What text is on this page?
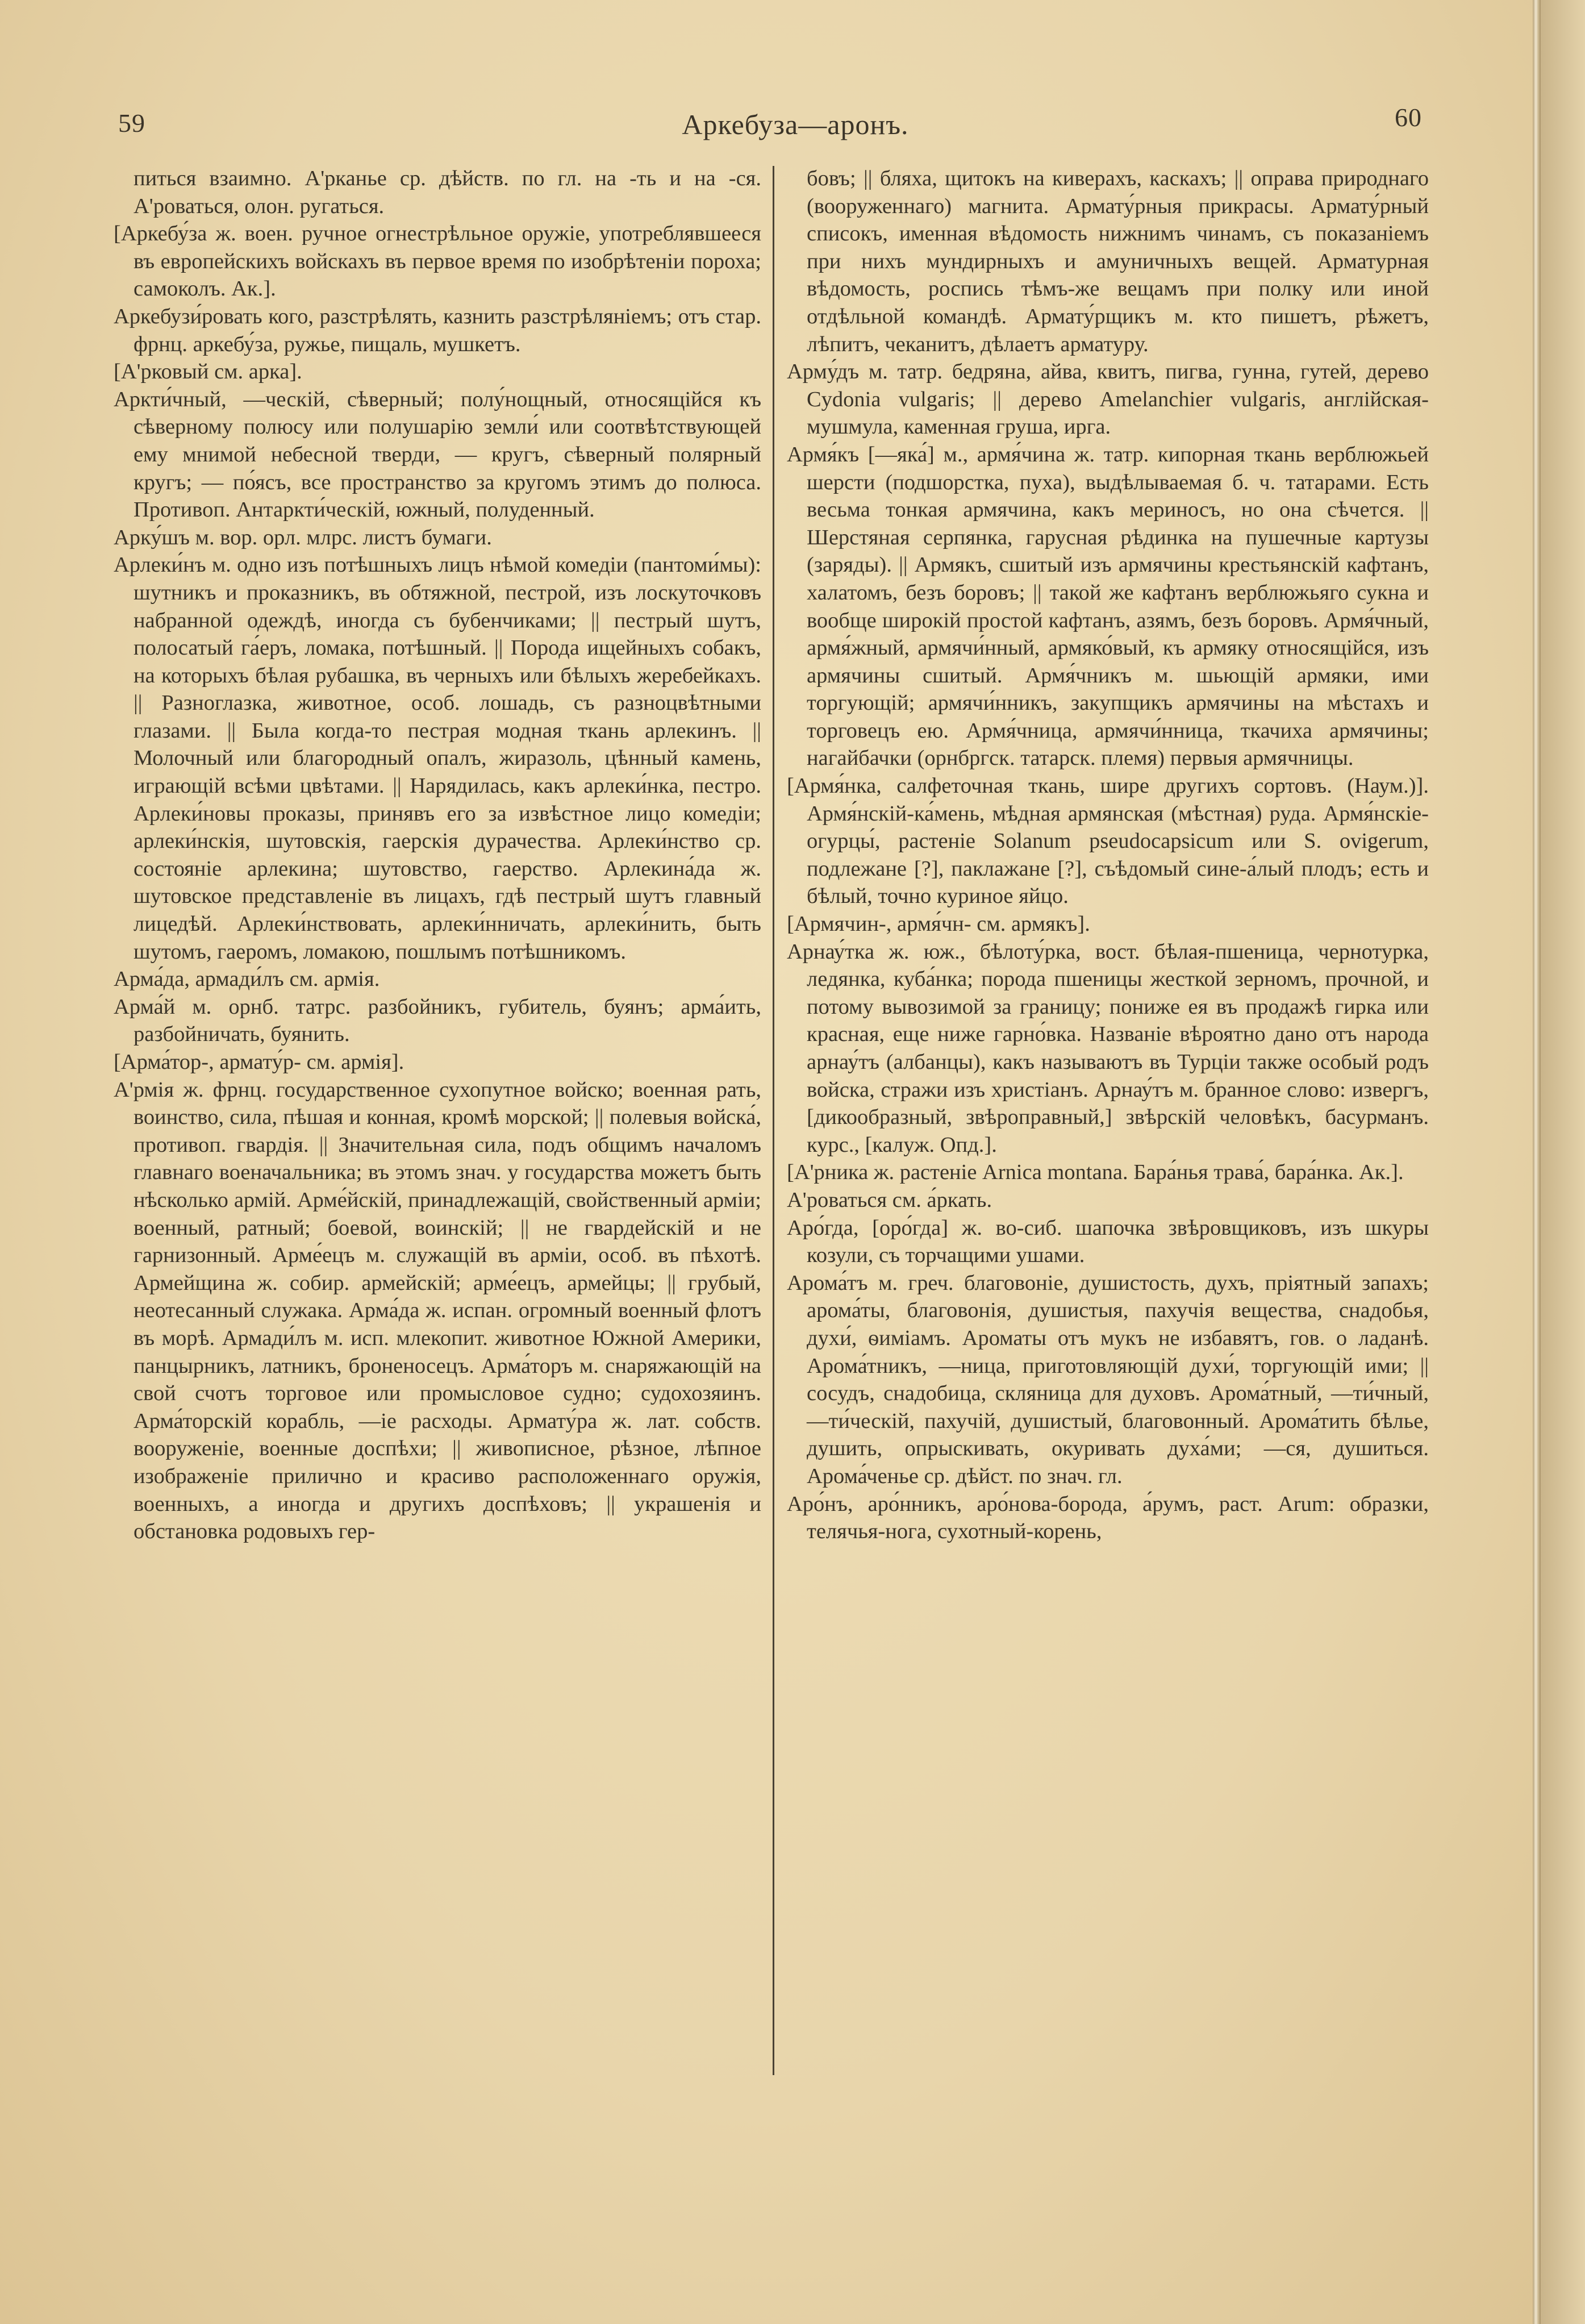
59	Аркебуза—аронъ.	60

питься взаимно. А'рканье ср. дѣйств. по гл. на -ть и на -ся. А'роваться, олон. ругаться.

[Аркебу́за ж. воен. ручное огнестрѣльное оружіе, употреблявшееся въ европейскихъ войскахъ въ первое время по изобрѣтеніи пороха; самоколъ. Ак.].

Аркебузи́ровать кого, разстрѣлять, казнить разстрѣляніемъ; отъ стар. фрнц. аркебу́за, ружье, пищаль, мушкетъ.

[А'рковый см. арка].

Аркти́чный, —ческій, сѣверный; полу́нощный, относящійся къ сѣверному полюсу или полушарію земли́ или соотвѣтствующей ему мнимой небесной тверди, — кругъ, сѣверный полярный кругъ; — по́ясъ, все пространство за кругомъ этимъ до полюса. Противоп. Антаркти́ческій, южный, полуденный.

Арку́шъ м. вор. орл. млрс. листъ бумаги.

Арлеки́нъ м. одно изъ потѣшныхъ лицъ нѣмой комедіи (пантоми́мы): шутникъ и проказникъ, въ обтяжной, пестрой, изъ лоскуточковъ набранной одеждѣ, иногда съ бубенчиками; || пестрый шутъ, полосатый га́еръ, ломака, потѣшный. || Порода ищейныхъ собакъ, на которыхъ бѣлая рубашка, въ черныхъ или бѣлыхъ жеребейкахъ. || Разноглазка, животное, особ. лошадь, съ разноцвѣтными глазами. || Была когда-то пестрая модная ткань арлекинъ. || Молочный или благородный опалъ, жиразоль, цѣнный камень, играющій всѣми цвѣтами. || Нарядилась, какъ арлеки́нка, пестро. Арлеки́новы проказы, принявъ его за извѣстное лицо комедіи; арлеки́нскія, шутовскія, гаерскія дурачества. Арлеки́нство ср. состояніе арлекина; шутовство, гаерство. Арлекина́да ж. шутовское представленіе въ лицахъ, гдѣ пестрый шутъ главный лицедѣй. Арлеки́нствовать, арлеки́нничать, арлеки́нить, быть шутомъ, гаеромъ, ломакою, пошлымъ потѣшникомъ.

Арма́да, армади́лъ см. армія.

Арма́й м. орнб. татрс. разбойникъ, губитель, буянъ; арма́ить, разбойничать, буянить.

[Арма́тор-, армату́р- см. армія].

А'рмія ж. фрнц. государственное сухопутное войско; военная рать, воинство, сила, пѣшая и конная, кромѣ морской; || полевыя войска́, противоп. гвардія. || Значительная сила, подъ общимъ началомъ главнаго военачальника; въ этомъ знач. у государства можетъ быть нѣсколько армій. Арме́йскій, принадлежащій, свойственный арміи; военный, ратный; боевой, воинскій; || не гвардейскій и не гарнизонный. Арме́ецъ м. служащій въ арміи, особ. въ пѣхотѣ. Армейщина ж. собир. армейскій; арме́ецъ, армейцы; || грубый, неотесанный служака. Арма́да ж. испан. огромный военный флотъ въ морѣ. Армади́лъ м. исп. млекопит. животное Южной Америки, панцырникъ, латникъ, броненосецъ. Арма́торъ м. снаряжающій на свой счотъ торговое или промысловое судно; судохозяинъ. Арма́торскій корабль, —іе расходы. Армату́ра ж. лат. собств. вооруженіе, военные доспѣхи; || живописное, рѣзное, лѣпное изображеніе прилично и красиво расположеннаго оружія, военныхъ, а иногда и другихъ доспѣховъ; || украшенія и обстановка родовыхъ гер-

бовъ; || бляха, щитокъ на киверахъ, каскахъ; || оправа природнаго (вооруженнаго) магнита. Армату́рныя прикрасы. Армату́рный списокъ, именная вѣдомость нижнимъ чинамъ, съ показаніемъ при нихъ мундирныхъ и амуничныхъ вещей. Арматурная вѣдомость, роспись тѣмъ-же вещамъ при полку или иной отдѣльной командѣ. Армату́рщикъ м. кто пишетъ, рѣжетъ, лѣпитъ, чеканитъ, дѣлаетъ арматуру.

Арму́дъ м. татр. бедряна, айва, квитъ, пигва, гунна, гутей, дерево Cydonia vulgaris; || дерево Amelanchier vulgaris, англійская-мушмула, каменная груша, ирга.

Армя́къ [—яка́] м., армя́чина ж. татр. кипорная ткань верблюжьей шерсти (подшорстка, пуха), выдѣлываемая б. ч. татарами. Есть весьма тонкая армячина, какъ мериносъ, но она сѣчется. || Шерстяная серпянка, гарусная рѣдинка на пушечные картузы (заряды). || Армякъ, сшитый изъ армячины крестьянскій кафтанъ, халатомъ, безъ боровъ; || такой же кафтанъ верблюжьяго сукна и вообще широкій простой кафтанъ, азямъ, безъ боровъ. Армя́чный, армя́жный, армячи́нный, армяко́вый, къ армяку относящійся, изъ армячины сшитый. Армя́чникъ м. шьющій армяки, ими торгующій; армячи́нникъ, закупщикъ армячины на мѣстахъ и торговецъ ею. Армя́чница, армячи́нница, ткачиха армячины; нагайбачки (орнбргск. татарск. племя) первыя армячницы.

[Армя́нка, салфеточная ткань, шире другихъ сортовъ. (Наум.)]. Армя́нскій-ка́мень, мѣдная армянская (мѣстная) руда. Армя́нскіе-огурцы́, растеніе Solanum pseudocapsicum или S. ovigerum, подлежане [?], паклажане [?], съѣдомый сине-а́лый плодъ; есть и бѣлый, точно куриное яйцо.

[Армячин-, армя́чн- см. армякъ].

Арнау́тка ж. юж., бѣлоту́рка, вост. бѣлая-пшеница, чернотурка, ледянка, куба́нка; порода пшеницы жесткой зерномъ, прочной, и потому вывозимой за границу; пониже ея въ продажѣ гирка или красная, еще ниже гарно́вка. Названіе вѣроятно дано отъ народа арнау́тъ (албанцы), какъ называютъ въ Турціи также особый родъ войска, стражи изъ христіанъ. Арнау́тъ м. бранное слово: извергъ, [дикообразный, звѣроправный,] звѣрскій человѣкъ, басурманъ. курс., [калуж. Опд.].

[А'рника ж. растеніе Arnica montana. Бара́нья трава́, бара́нка. Ак.].

А'роваться см. а́ркать.

Аро́гда, [оро́гда] ж. во-сиб. шапочка звѣровщиковъ, изъ шкуры козули, съ торчащими ушами.

Арома́тъ м. греч. благовоніе, душистость, духъ, пріятный запахъ; арома́ты, благовонія, душистыя, пахучія вещества, снадобья, духи́, ѳиміамъ. Ароматы отъ мукъ не избавятъ, гов. о ладанѣ. Арома́тникъ, —ница, приготовляющій духи́, торгующій ими; || сосудъ, снадобица, скляница для духовъ. Арома́тный, —ти́чный, —ти́ческій, пахучій, душистый, благовонный. Арома́тить бѣлье, душить, опрыскивать, окуривать духа́ми; —ся, душиться. Арома́ченье ср. дѣйст. по знач. гл.

Аро́нъ, аро́нникъ, аро́нова-борода, а́румъ, раст. Arum: образки, телячья-нога, сухотный-корень,
